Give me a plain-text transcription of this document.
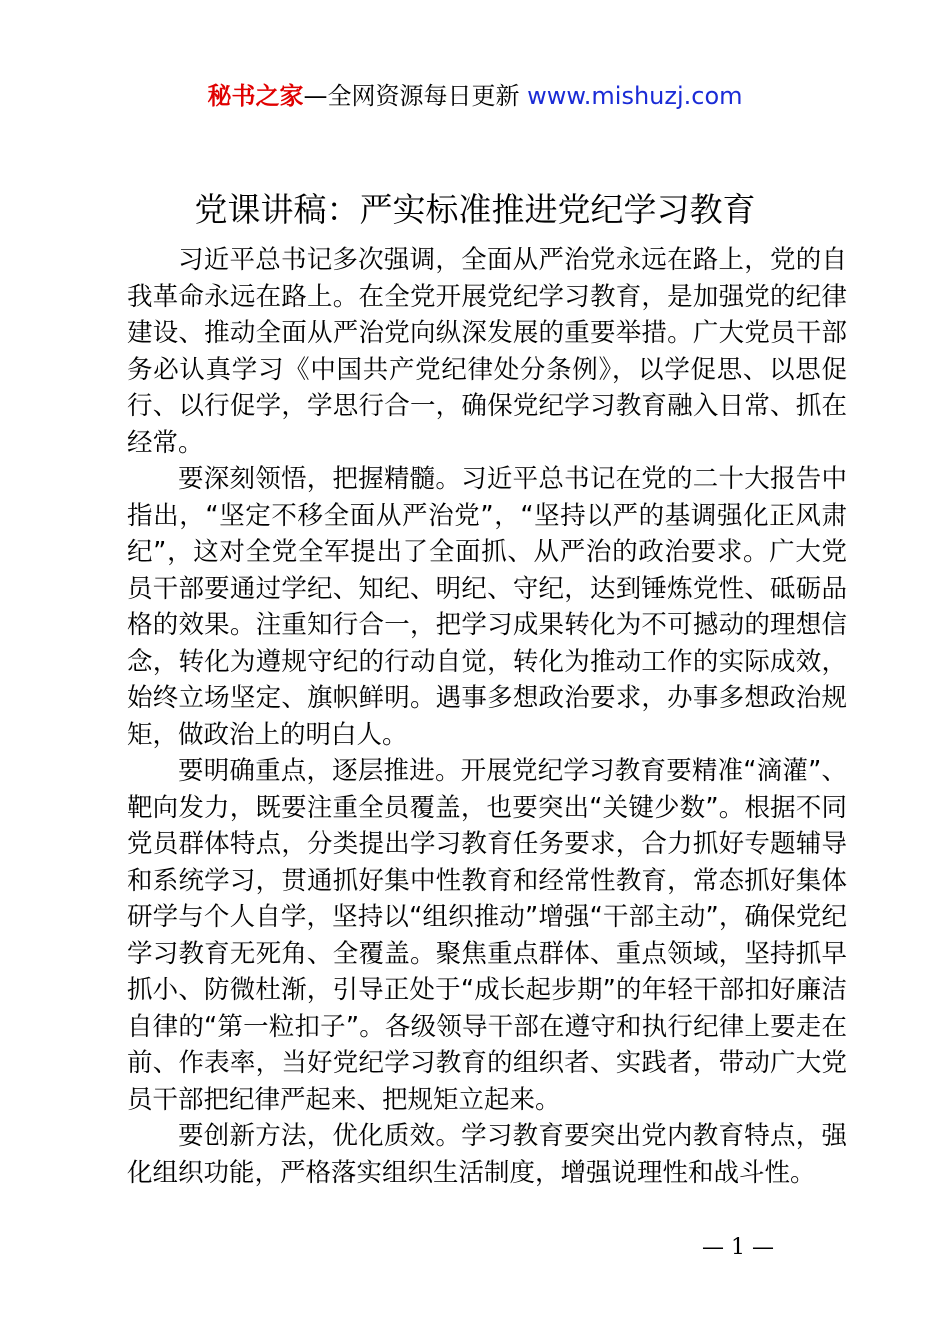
秘书之家—全网资源每日更新 www.mishuzj.com
党课讲稿：严实标准推进党纪学习教育

习近平总书记多次强调，全面从严治党永远在路上，党的自我革命永远在路上。在全党开展党纪学习教育，是加强党的纪律建设、推动全面从严治党向纵深发展的重要举措。广大党员干部务必认真学习《中国共产党纪律处分条例》，以学促思、以思促行、以行促学，学思行合一，确保党纪学习教育融入日常、抓在经常。

要深刻领悟，把握精髓。习近平总书记在党的二十大报告中指出，“坚定不移全面从严治党”，“坚持以严的基调强化正风肃纪”，这对全党全军提出了全面抓、从严治的政治要求。广大党员干部要通过学纪、知纪、明纪、守纪，达到锤炼党性、砥砺品格的效果。注重知行合一，把学习成果转化为不可撼动的理想信念，转化为遵规守纪的行动自觉，转化为推动工作的实际成效，始终立场坚定、旗帜鲜明。遇事多想政治要求，办事多想政治规矩，做政治上的明白人。

要明确重点，逐层推进。开展党纪学习教育要精准“滴灌”、靶向发力，既要注重全员覆盖，也要突出“关键少数”。根据不同党员群体特点，分类提出学习教育任务要求，合力抓好专题辅导和系统学习，贯通抓好集中性教育和经常性教育，常态抓好集体研学与个人自学，坚持以“组织推动”增强“干部主动”，确保党纪学习教育无死角、全覆盖。聚焦重点群体、重点领域，坚持抓早抓小、防微杜渐，引导正处于“成长起步期”的年轻干部扣好廉洁自律的“第一粒扣子”。各级领导干部在遵守和执行纪律上要走在前、作表率，当好党纪学习教育的组织者、实践者，带动广大党员干部把纪律严起来、把规矩立起来。

要创新方法，优化质效。学习教育要突出党内教育特点，强化组织功能，严格落实组织生活制度，增强说理性和战斗性。

— 1 —
